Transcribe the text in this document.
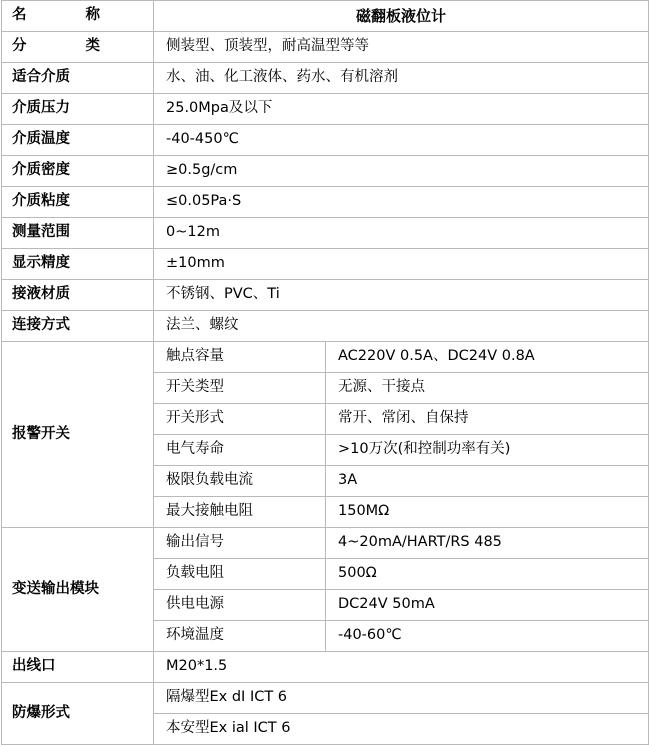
名　　称	磁翻板液位计	
分　　类	侧装型、顶装型，耐高温型等等	
适合介质	水、油、化工液体、药水、有机溶剂	
介质压力	25.0Mpa及以下	
介质温度	-40-450℃	
介质密度	≥0.5g/cm	
介质粘度	≤0.05Pa·S	
测量范围	0~12m	
显示精度	±10mm	
接液材质	不锈钢、PVC、Ti	
连接方式	法兰、螺纹	
报警开关	触点容量	AC220V 0.5A、DC24V 0.8A
	开关类型	无源、干接点
	开关形式	常开、常闭、自保持
	电气寿命	>10万次(和控制功率有关)
	极限负载电流	3A
	最大接触电阻	150MΩ
变送输出模块	输出信号	4~20mA/HART/RS 485
	负载电阻	500Ω
	供电电源	DC24V 50mA
	环境温度	-40-60℃
出线口	M20*1.5	
防爆形式	隔爆型Ex dI ICT 6	
	本安型Ex ial ICT 6	
